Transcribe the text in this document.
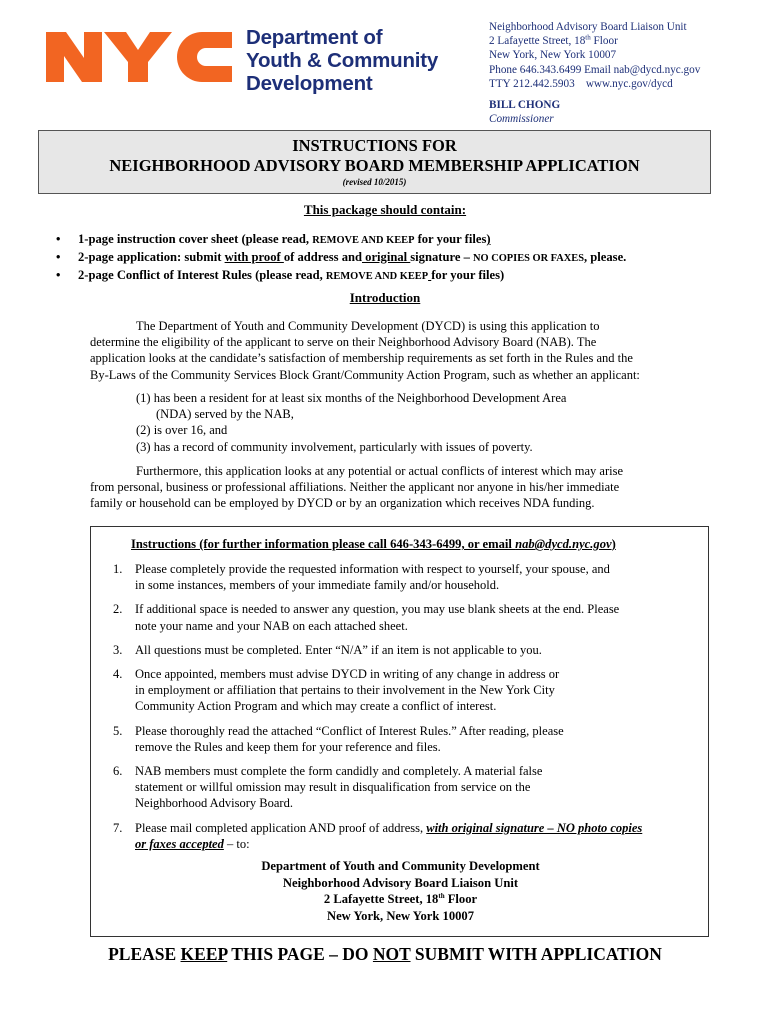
Department of
Youth & Community
Development
Neighborhood Advisory Board Liaison Unit
2 Lafayette Street, 18th Floor
New York, New York 10007
Phone 646.343.6499 Email nab@dycd.nyc.gov
TTY 212.442.5903    www.nyc.gov/dycd
BILL CHONG
Commissioner
INSTRUCTIONS FOR
NEIGHBORHOOD ADVISORY BOARD MEMBERSHIP APPLICATION
(revised 10/2015)
This package should contain:
• 1-page instruction cover sheet (please read, REMOVE AND KEEP for your files)
• 2-page application: submit with proof of address and original signature – NO COPIES OR FAXES, please.
• 2-page Conflict of Interest Rules (please read, REMOVE AND KEEP for your files)
Introduction
The Department of Youth and Community Development (DYCD) is using this application to
determine the eligibility of the applicant to serve on their Neighborhood Advisory Board (NAB). The
application looks at the candidate’s satisfaction of membership requirements as set forth in the Rules and the
By-Laws of the Community Services Block Grant/Community Action Program, such as whether an applicant:
(1) has been a resident for at least six months of the Neighborhood Development Area
(NDA) served by the NAB,
(2) is over 16, and
(3) has a record of community involvement, particularly with issues of poverty.
Furthermore, this application looks at any potential or actual conflicts of interest which may arise
from personal, business or professional affiliations. Neither the applicant nor anyone in his/her immediate
family or household can be employed by DYCD or by an organization which receives NDA funding.
Instructions (for further information please call 646-343-6499, or email nab@dycd.nyc.gov)
1. Please completely provide the requested information with respect to yourself, your spouse, and
in some instances, members of your immediate family and/or household.
2. If additional space is needed to answer any question, you may use blank sheets at the end. Please
note your name and your NAB on each attached sheet.
3. All questions must be completed. Enter “N/A” if an item is not applicable to you.
4. Once appointed, members must advise DYCD in writing of any change in address or
in employment or affiliation that pertains to their involvement in the New York City
Community Action Program and which may create a conflict of interest.
5. Please thoroughly read the attached “Conflict of Interest Rules.” After reading, please
remove the Rules and keep them for your reference and files.
6. NAB members must complete the form candidly and completely. A material false
statement or willful omission may result in disqualification from service on the
Neighborhood Advisory Board.
7. Please mail completed application AND proof of address, with original signature – NO photo copies
or faxes accepted – to:
Department of Youth and Community Development
Neighborhood Advisory Board Liaison Unit
2 Lafayette Street, 18th Floor
New York, New York 10007
PLEASE KEEP THIS PAGE – DO NOT SUBMIT WITH APPLICATION
